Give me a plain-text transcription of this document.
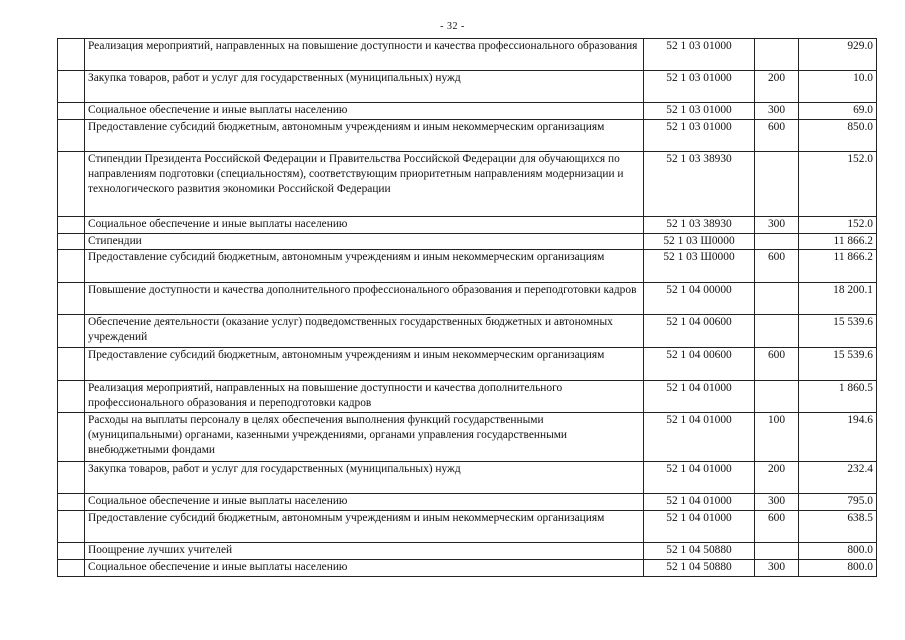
- 32 -
	Реализация мероприятий, направленных на повышение доступности и качества профессионального образования	52 1 03 01000		929.0
	Закупка товаров, работ и услуг для государственных (муниципальных) нужд	52 1 03 01000	200	10.0
	Социальное обеспечение и иные выплаты населению	52 1 03 01000	300	69.0
	Предоставление субсидий бюджетным, автономным учреждениям и иным некоммерческим организациям	52 1 03 01000	600	850.0
	Стипендии Президента Российской Федерации и Правительства Российской Федерации для обучающихся по направлениям подготовки (специальностям), соответствующим приоритетным направлениям модернизации и технологического развития экономики Российской Федерации	52 1 03 38930		152.0
	Социальное обеспечение и иные выплаты населению	52 1 03 38930	300	152.0
	Стипендии	52 1 03 Ш0000		11 866.2
	Предоставление субсидий бюджетным, автономным учреждениям и иным некоммерческим организациям	52 1 03 Ш0000	600	11 866.2
	Повышение доступности и качества дополнительного профессионального образования и переподготовки кадров	52 1 04 00000		18 200.1
	Обеспечение деятельности (оказание услуг) подведомственных государственных бюджетных и автономных учреждений	52 1 04 00600		15 539.6
	Предоставление субсидий бюджетным, автономным учреждениям и иным некоммерческим организациям	52 1 04 00600	600	15 539.6
	Реализация мероприятий, направленных на повышение доступности и качества дополнительного профессионального образования и переподготовки кадров	52 1 04 01000		1 860.5
	Расходы на выплаты персоналу в целях обеспечения выполнения функций государственными (муниципальными) органами, казенными учреждениями, органами управления государственными внебюджетными фондами	52 1 04 01000	100	194.6
	Закупка товаров, работ и услуг для государственных (муниципальных) нужд	52 1 04 01000	200	232.4
	Социальное обеспечение и иные выплаты населению	52 1 04 01000	300	795.0
	Предоставление субсидий бюджетным, автономным учреждениям и иным некоммерческим организациям	52 1 04 01000	600	638.5
	Поощрение лучших учителей	52 1 04 50880		800.0
	Социальное обеспечение и иные выплаты населению	52 1 04 50880	300	800.0
